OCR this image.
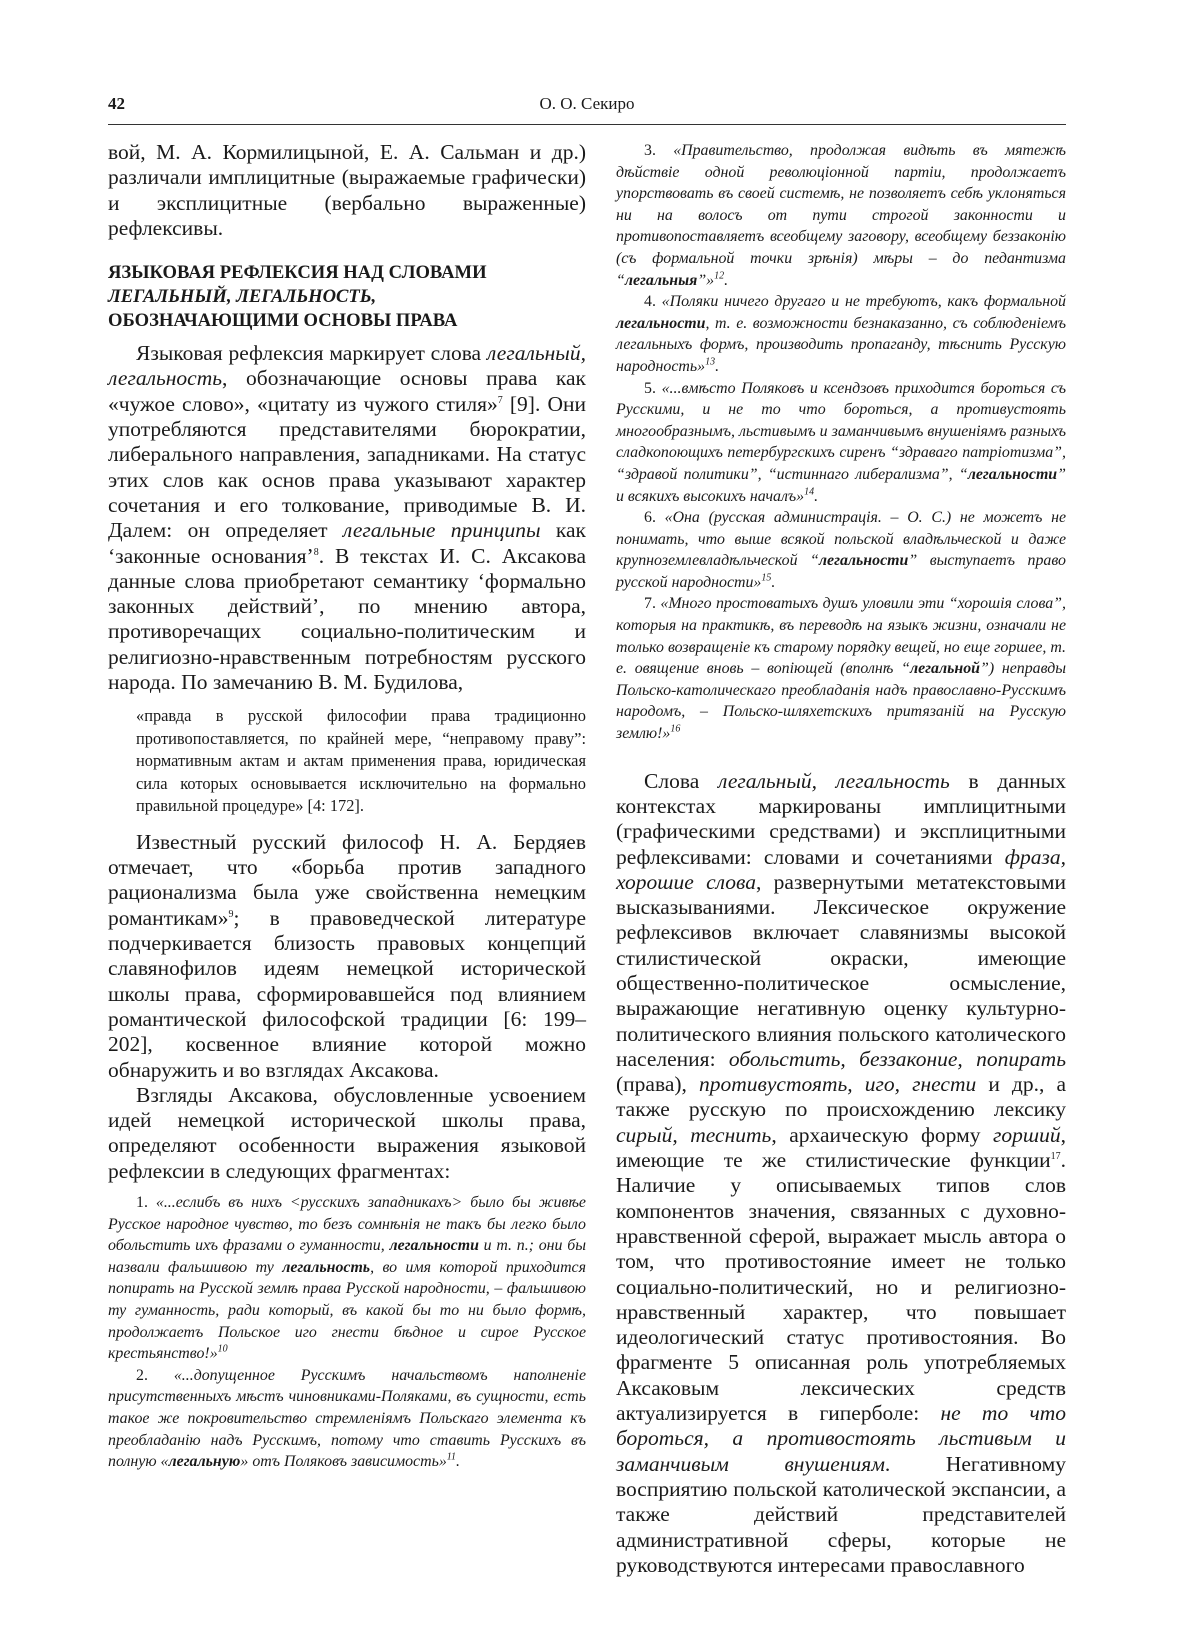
42	О. О. Секиро

вой, М. А. Кормилицыной, Е. А. Сальман и др.) различали имплицитные (выражаемые графически) и эксплицитные (вербально выраженные) рефлексивы.

ЯЗЫКОВАЯ РЕФЛЕКСИЯ НАД СЛОВАМИ
ЛЕГАЛЬНЫЙ, ЛЕГАЛЬНОСТЬ,
ОБОЗНАЧАЮЩИМИ ОСНОВЫ ПРАВА

Языковая рефлексия маркирует слова легальный, легальность, обозначающие основы права как «чужое слово», «цитату из чужого стиля»$^7$ [9]. Они употребляются представителями бюрократии, либерального направления, западниками. На статус этих слов как основ права указывают характер сочетания и его толкование, приводимые В. И. Далем: он определяет легальные принципы как ‘законные основания’$^8$. В текстах И. С. Аксакова данные слова приобретают семантику ‘формально законных действий’, по мнению автора, противоречащих социально-политическим и религиозно-нравственным потребностям русского народа. По замечанию В. М. Будилова,

«правда в русской философии права традиционно противопоставляется, по крайней мере, “неправому праву”: нормативным актам и актам применения права, юридическая сила которых основывается исключительно на формально правильной процедуре» [4: 172].

Известный русский философ Н. А. Бердяев отмечает, что «борьба против западного рационализма была уже свойственна немецким романтикам»$^9$; в правоведческой литературе подчеркивается близость правовых концепций славянофилов идеям немецкой исторической школы права, сформировавшейся под влиянием романтической философской традиции [6: 199–202], косвенное влияние которой можно обнаружить и во взглядах Аксакова.

Взгляды Аксакова, обусловленные усвоением идей немецкой исторической школы права, определяют особенности выражения языковой рефлексии в следующих фрагментах:

1. «...еслибъ въ нихъ <русскихъ западникахъ> было бы живѣе Русское народное чувство, то безъ сомнѣнія не такъ бы легко было обольстить ихъ фразами о гуманности, легальности и т. п.; они бы назвали фальшивою ту легальность, во имя которой приходится попирать на Русской землѣ права Русской народности, – фальшивою ту гуманность, ради который, въ какой бы то ни было формѣ, продолжаетъ Польское иго гнести бѣдное и сирое Русское крестьянство!»$^{10}$

2. «...допущенное Русскимъ начальствомъ наполненіе присутственныхъ мѣстъ чиновниками-Поляками, въ сущности, есть такое же покровительство стремленіямъ Польскаго элемента къ преобладанію надъ Русскимъ, потому что ставить Русскихъ въ полную «легальную» отъ Поляковъ зависимость»$^{11}$.

3. «Правительство, продолжая видѣть въ мятежѣ дѣйствіе одной революціонной партіи, продолжаетъ упорствовать въ своей системѣ, не позволяетъ себѣ уклоняться ни на волосъ от пути строгой законности и противопоставляетъ всеобщему заговору, всеобщему беззаконію (съ формальной точки зрѣнія) мѣры – до педантизма “легальныя”»$^{12}$.

4. «Поляки ничего другаго и не требуютъ, какъ формальной легальности, т. е. возможности безнаказанно, съ соблюденіемъ легальныхъ формъ, производить пропаганду, тѣснить Русскую народность»$^{13}$.

5. «...вмѣсто Поляковъ и ксендзовъ приходится бороться съ Русскими, и не то что бороться, а противустоять многообразнымъ, льстивымъ и заманчивымъ внушеніямъ разныхъ сладкопоющихъ петербургскихъ сиренъ “здраваго патріотизма”, “здравой политики”, “истиннаго либерализма”, “легальности” и всякихъ высокихъ началъ»$^{14}$.

6. «Она (русская администрація. – О. С.) не можетъ не понимать, что выше всякой польской владѣльческой и даже крупноземлевладѣльческой “легальности” выступаетъ право русской народности»$^{15}$.

7. «Много простоватыхъ душъ уловили эти “хорошія слова”, которыя на практикѣ, въ переводѣ на языкъ жизни, означали не только возвращеніе къ старому порядку вещей, но еще горшее, т. е. овящение вновь – вопіющей (вполнѣ “легальной”) неправды Польско-католическаго преобладанія надъ православно-Русскимъ народомъ, – Польско-шляхетскихъ притязаній на Русскую землю!»$^{16}$

Слова легальный, легальность в данных контекстах маркированы имплицитными (графическими средствами) и эксплицитными рефлексивами: словами и сочетаниями фраза, хорошие слова, развернутыми метатекстовыми высказываниями. Лексическое окружение рефлексивов включает славянизмы высокой стилистической окраски, имеющие общественно-политическое осмысление, выражающие негативную оценку культурно-политического влияния польского католического населения: обольстить, беззаконие, попирать (права), противустоять, иго, гнести и др., а также русскую по происхождению лексику сирый, теснить, архаическую форму горший, имеющие те же стилистические функции$^{17}$. Наличие у описываемых типов слов компонентов значения, связанных с духовно-нравственной сферой, выражает мысль автора о том, что противостояние имеет не только социально-политический, но и религиозно-нравственный характер, что повышает идеологический статус противостояния. Во фрагменте 5 описанная роль употребляемых Аксаковым лексических средств актуализируется в гиперболе: не то что бороться, а противостоять льстивым и заманчивым внушениям. Негативному восприятию польской католической экспансии, а также действий представителей административной сферы, которые не руководствуются интересами православного
